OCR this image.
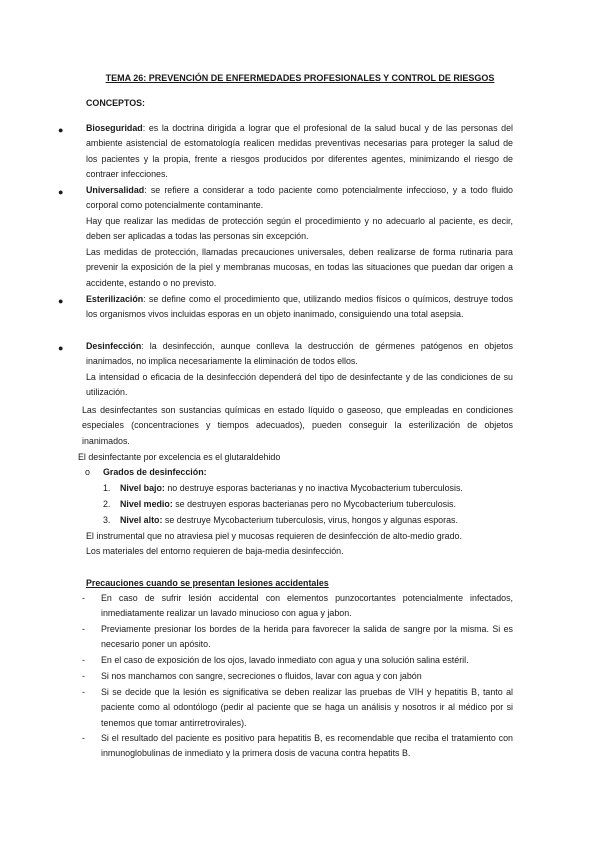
TEMA 26: PREVENCIÓN DE ENFERMEDADES PROFESIONALES Y CONTROL DE RIESGOS
CONCEPTOS:
●	Bioseguridad: es la doctrina dirigida a lograr que el profesional de la salud bucal y de las personas del ambiente asistencial de estomatología realicen medidas preventivas necesarias para proteger la salud de los pacientes y la propia, frente a riesgos producidos por diferentes agentes, minimizando el riesgo de contraer infecciones.
●	Universalidad: se refiere a considerar a todo paciente como potencialmente infeccioso, y a todo fluido corporal como potencialmente contaminante.
Hay que realizar las medidas de protección según el procedimiento y no adecuarlo al paciente, es decir, deben ser aplicadas a todas las personas sin excepción.
Las medidas de protección, llamadas precauciones universales, deben realizarse de forma rutinaria para prevenir la exposición de la piel y membranas mucosas, en todas las situaciones que puedan dar origen a accidente, estando o no previsto.
●	Esterilización: se define como el procedimiento que, utilizando medios físicos o químicos, destruye todos los organismos vivos incluidas esporas en un objeto inanimado, consiguiendo una total asepsia.
●	Desinfección: la desinfección, aunque conlleva la destrucción de gérmenes patógenos en objetos inanimados, no implica necesariamente la eliminación de todos ellos.
La intensidad o eficacia de la desinfección dependerá del tipo de desinfectante y de las condiciones de su utilización.
Las desinfectantes son sustancias químicas en estado líquido o gaseoso, que empleadas en condiciones especiales (concentraciones y tiempos adecuados), pueden conseguir la esterilización de objetos inanimados.
El desinfectante por excelencia es el glutaraldehido
o Grados de desinfección:
1. Nivel bajo: no destruye esporas bacterianas y no inactiva Mycobacterium tuberculosis.
2. Nivel medio: se destruyen esporas bacterianas pero no Mycobacterium tuberculosis.
3. Nivel alto: se destruye Mycobacterium tuberculosis, virus, hongos y algunas esporas.
El instrumental que no atraviesa piel y mucosas requieren de desinfección de alto-medio grado.
Los materiales del entorno requieren de baja-media desinfección.
Precauciones cuando se presentan lesiones accidentales
- En caso de sufrir lesión accidental con elementos punzocortantes potencialmente infectados, inmediatamente realizar un lavado minucioso con agua y jabon.
- Previamente presionar los bordes de la herida para favorecer la salida de sangre por la misma. Si es necesario poner un apósito.
- En el caso de exposición de los ojos, lavado inmediato con agua y una solución salina estéril.
- Si nos manchamos con sangre, secreciones o fluidos, lavar con agua y con jabón
- Si se decide que la lesión es significativa se deben realizar las pruebas de VIH y hepatitis B, tanto al paciente como al odontólogo (pedir al paciente que se haga un análisis y nosotros ir al médico por si tenemos que tomar antirretrovirales).
- Si el resultado del paciente es positivo para hepatitis B, es recomendable que reciba el tratamiento con inmunoglobulinas de inmediato y la primera dosis de vacuna contra hepatits B.
